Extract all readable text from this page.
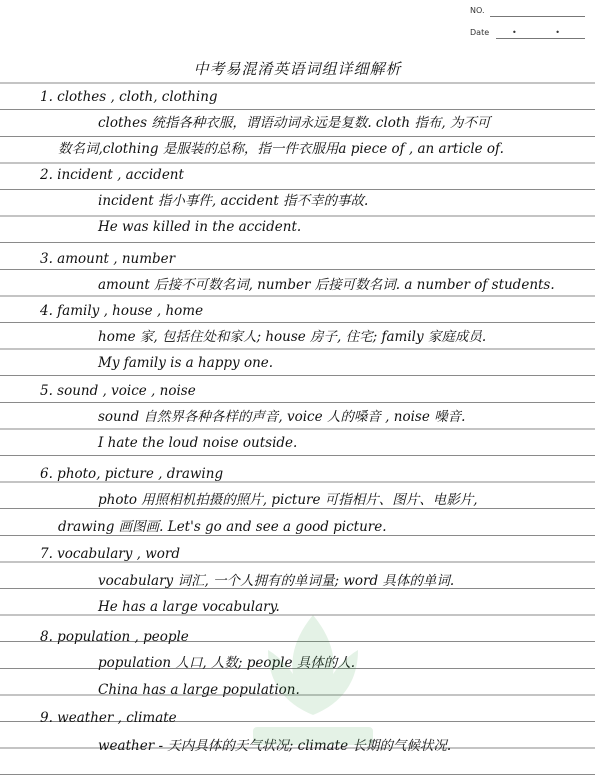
NO.
Date	• •
中考易混淆英语词组详细解析
1. clothes , cloth, clothing
clothes 统指各种衣服，谓语动词永远是复数. cloth 指布, 为不可
数名词,clothing 是服装的总称，指一件衣服用a piece of , an article of.
2. incident , accident
incident 指小事件, accident 指不幸的事故.
He was killed in the accident.
3. amount , number
amount 后接不可数名词, number 后接可数名词. a number of students.
4. family , house , home
home 家, 包括住处和家人; house 房子, 住宅; family 家庭成员.
My family is a happy one.
5. sound , voice , noise
sound 自然界各种各样的声音, voice 人的嗓音 , noise 噪音.
I hate the loud noise outside.
6. photo, picture , drawing
photo 用照相机拍摄的照片, picture 可指相片、图片、电影片,
drawing 画图画. Let's go and see a good picture.
7. vocabulary , word
vocabulary 词汇, 一个人拥有的单词量; word 具体的单词.
He has a large vocabulary.
8. population , people
population 人口, 人数; people 具体的人.
China has a large population.
9. weather , climate
weather - 天内具体的天气状况; climate 长期的气候状况.
